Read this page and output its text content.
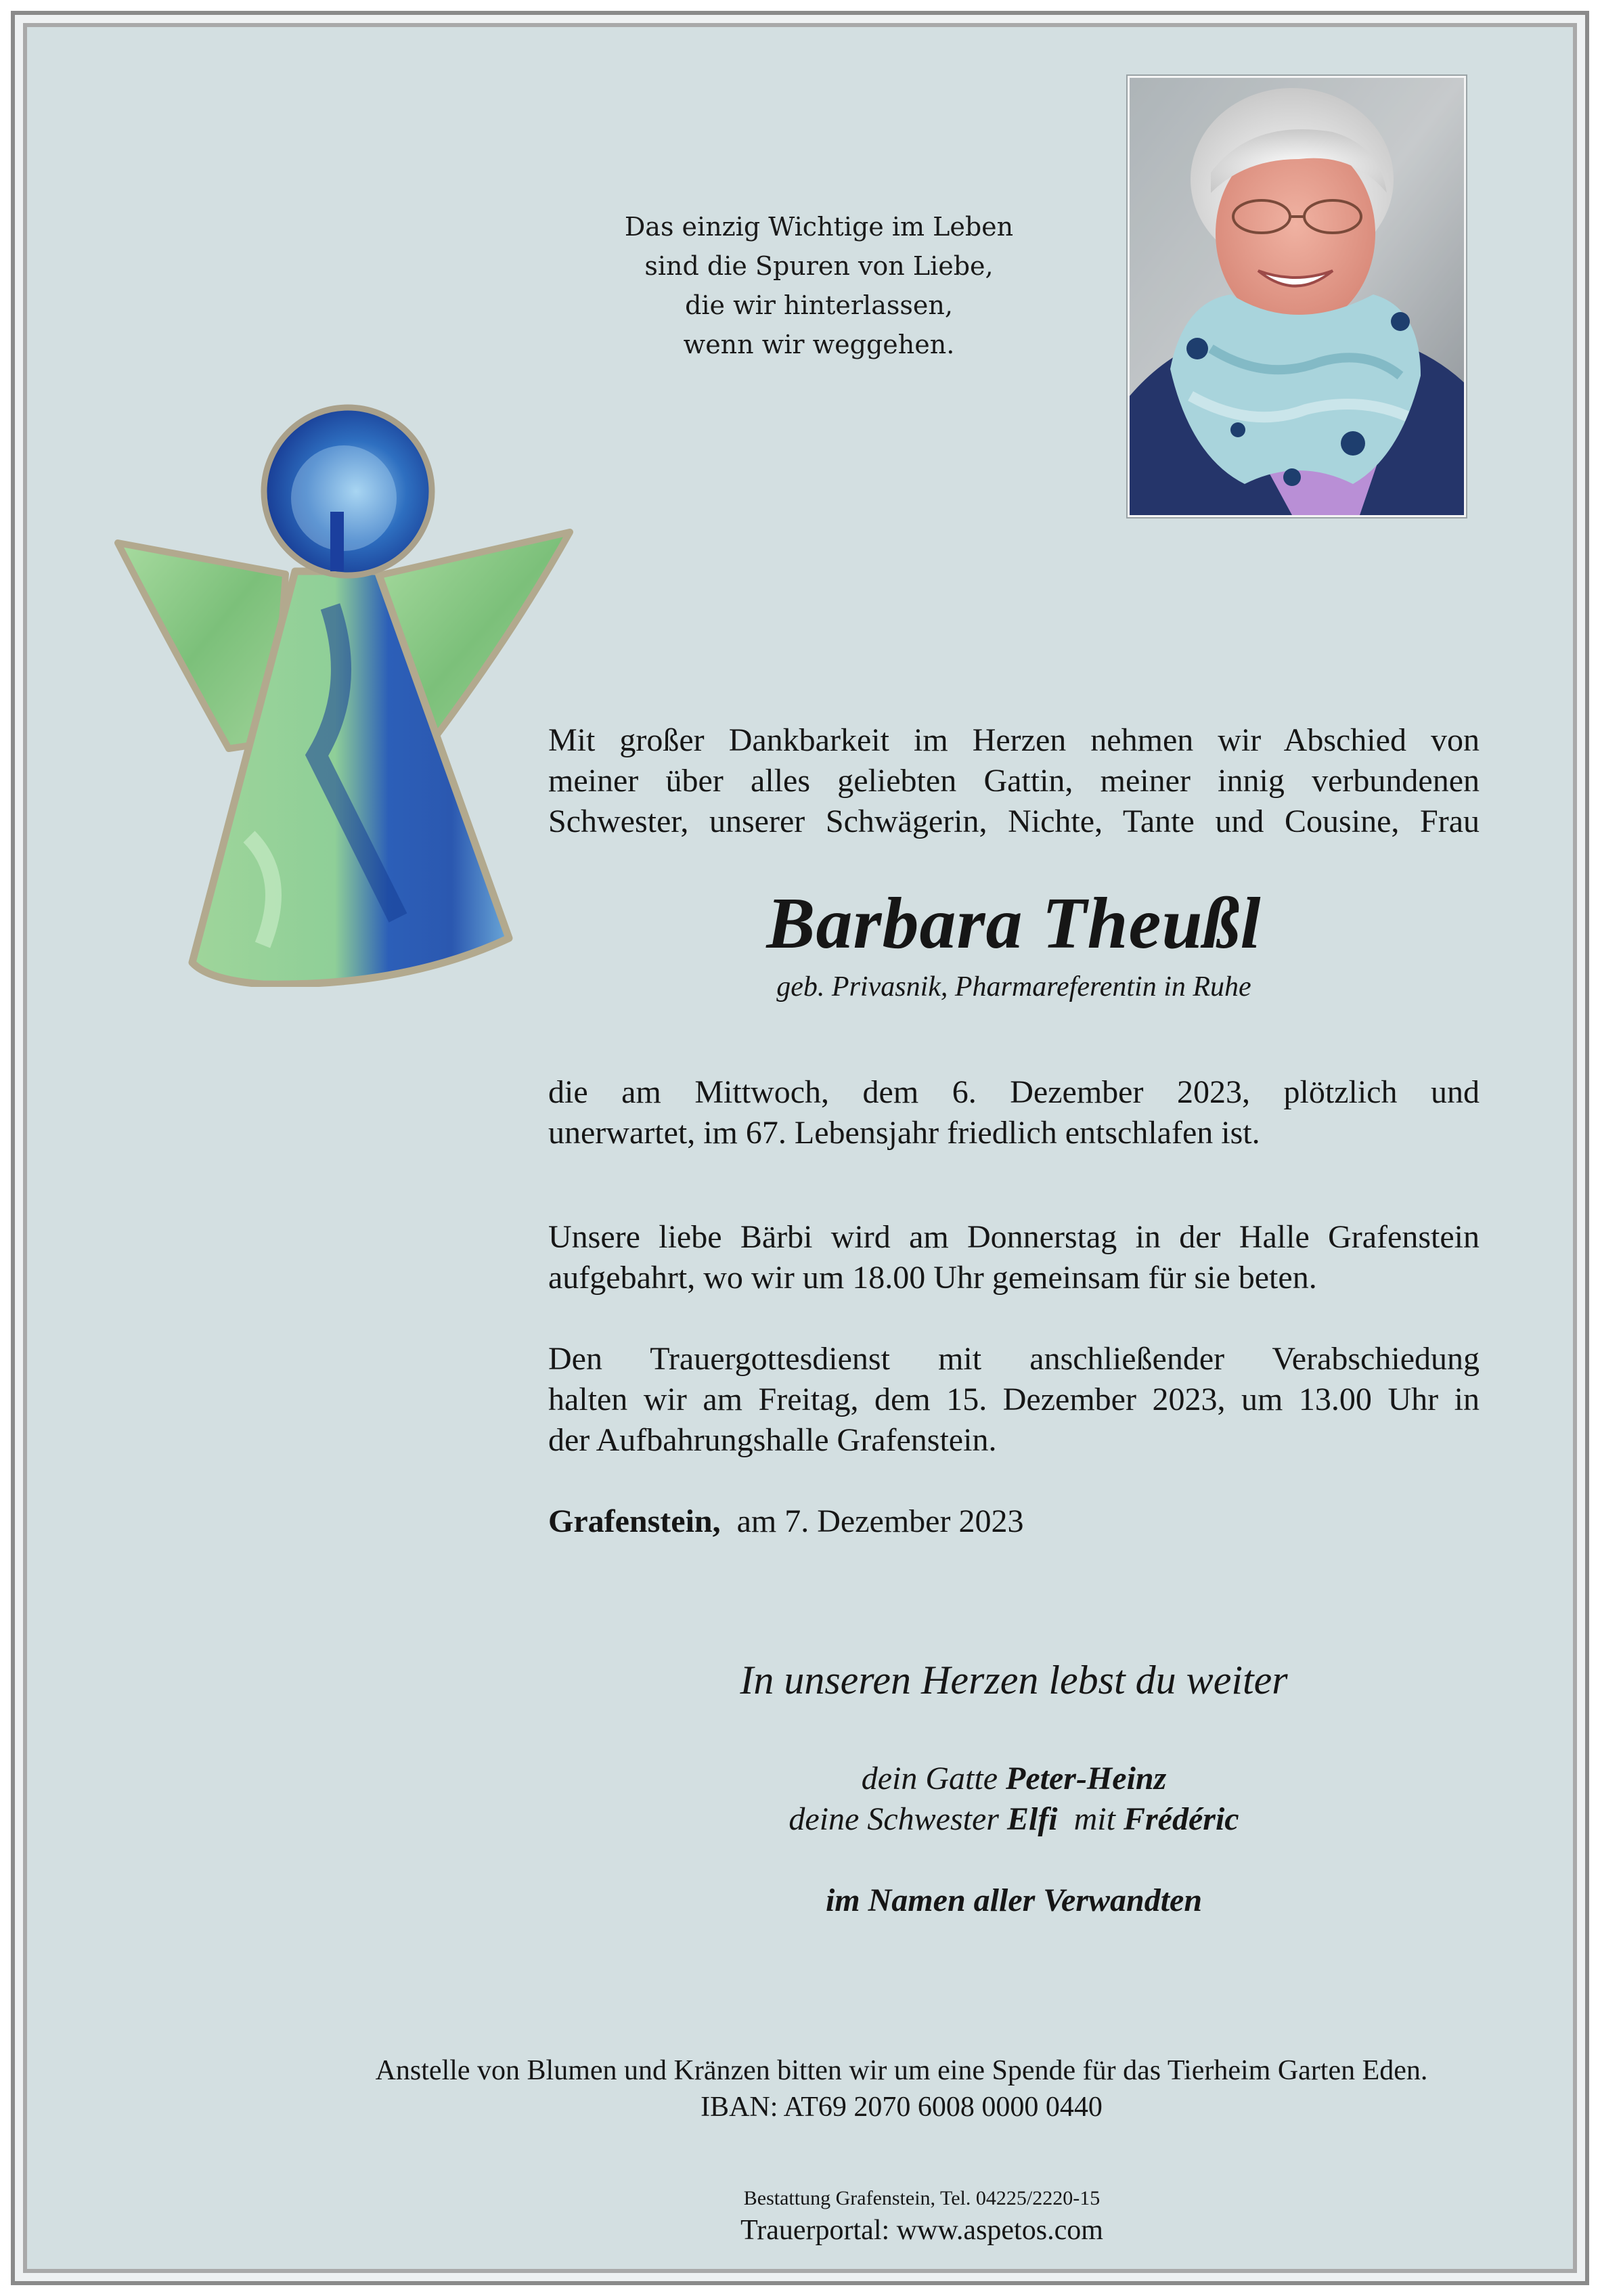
Das einzig Wichtige im Leben
sind die Spuren von Liebe,
die wir hinterlassen,
wenn wir weggehen.
Mit großer Dankbarkeit im Herzen nehmen wir Abschied von
meiner über alles geliebten Gattin, meiner innig verbundenen
Schwester, unserer Schwägerin, Nichte, Tante und Cousine, Frau
Barbara Theußl
geb. Privasnik, Pharmareferentin in Ruhe
die am Mittwoch, dem 6. Dezember 2023, plötzlich und
unerwartet, im 67. Lebensjahr friedlich entschlafen ist.
Unsere liebe Bärbi wird am Donnerstag in der Halle Grafenstein
aufgebahrt, wo wir um 18.00 Uhr gemeinsam für sie beten.
Den Trauergottesdienst mit anschließender Verabschiedung
halten wir am Freitag, dem 15. Dezember 2023, um 13.00 Uhr in
der Aufbahrungshalle Grafenstein.
Grafenstein, am 7. Dezember 2023
In unseren Herzen lebst du weiter
dein Gatte Peter-Heinz
deine Schwester Elfi mit Frédéric
im Namen aller Verwandten
Anstelle von Blumen und Kränzen bitten wir um eine Spende für das Tierheim Garten Eden.
IBAN: AT69 2070 6008 0000 0440
Bestattung Grafenstein, Tel. 04225/2220-15
Trauerportal: www.aspetos.com
